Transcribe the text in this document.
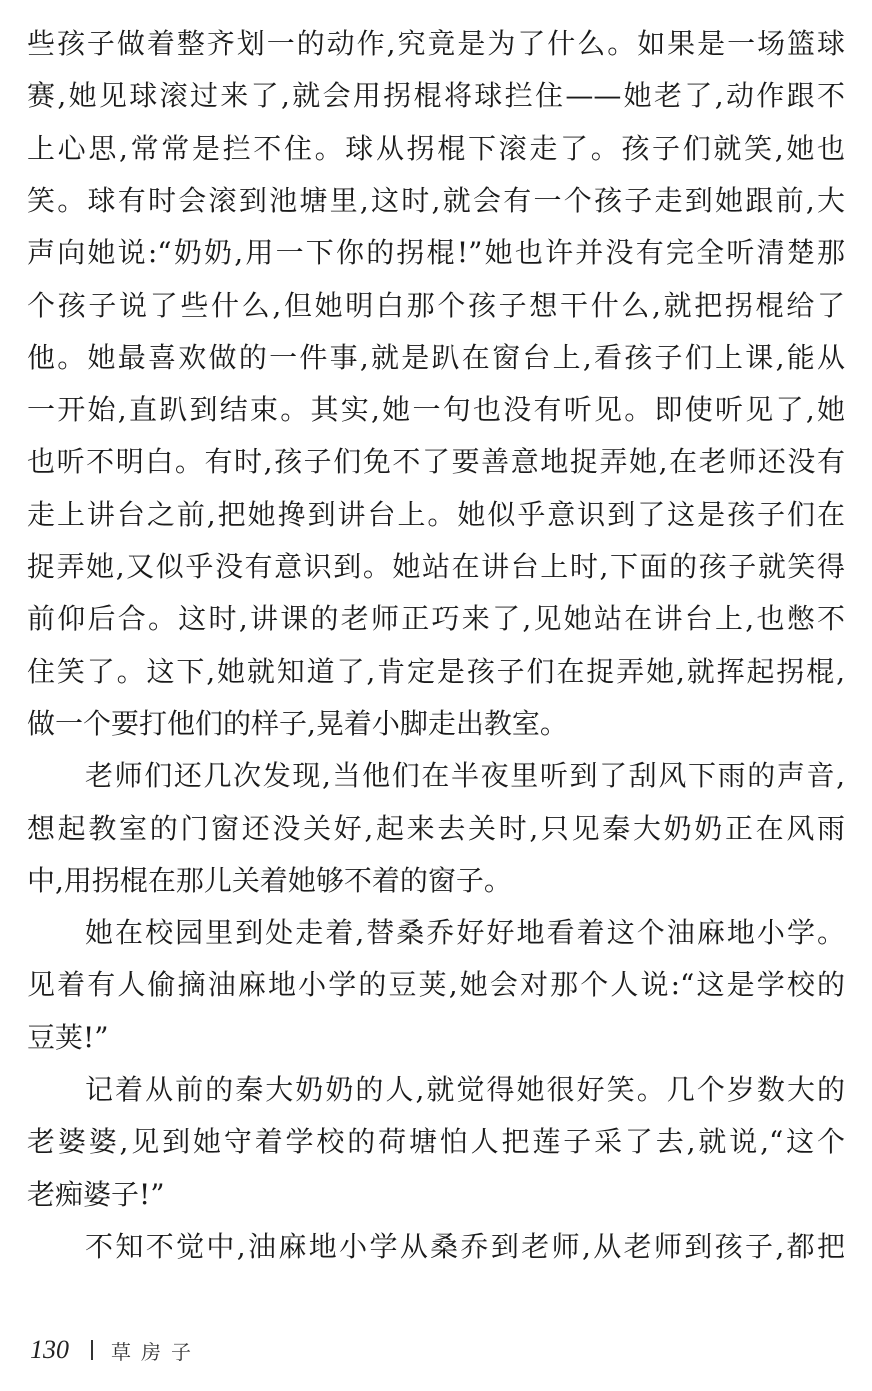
些孩子做着整齐划一的动作,究竟是为了什么。如果是一场篮球
赛,她见球滚过来了,就会用拐棍将球拦住——她老了,动作跟不
上心思,常常是拦不住。球从拐棍下滚走了。孩子们就笑,她也
笑。球有时会滚到池塘里,这时,就会有一个孩子走到她跟前,大
声向她说:“奶奶,用一下你的拐棍!”她也许并没有完全听清楚那
个孩子说了些什么,但她明白那个孩子想干什么,就把拐棍给了
他。她最喜欢做的一件事,就是趴在窗台上,看孩子们上课,能从
一开始,直趴到结束。其实,她一句也没有听见。即使听见了,她
也听不明白。有时,孩子们免不了要善意地捉弄她,在老师还没有
走上讲台之前,把她搀到讲台上。她似乎意识到了这是孩子们在
捉弄她,又似乎没有意识到。她站在讲台上时,下面的孩子就笑得
前仰后合。这时,讲课的老师正巧来了,见她站在讲台上,也憋不
住笑了。这下,她就知道了,肯定是孩子们在捉弄她,就挥起拐棍,
做一个要打他们的样子,晃着小脚走出教室。
老师们还几次发现,当他们在半夜里听到了刮风下雨的声音,
想起教室的门窗还没关好,起来去关时,只见秦大奶奶正在风雨
中,用拐棍在那儿关着她够不着的窗子。
她在校园里到处走着,替桑乔好好地看着这个油麻地小学。
见着有人偷摘油麻地小学的豆荚,她会对那个人说:“这是学校的
豆荚!”
记着从前的秦大奶奶的人,就觉得她很好笑。几个岁数大的
老婆婆,见到她守着学校的荷塘怕人把莲子采了去,就说,“这个
老痴婆子!”
不知不觉中,油麻地小学从桑乔到老师,从老师到孩子,都把
130 草房子
